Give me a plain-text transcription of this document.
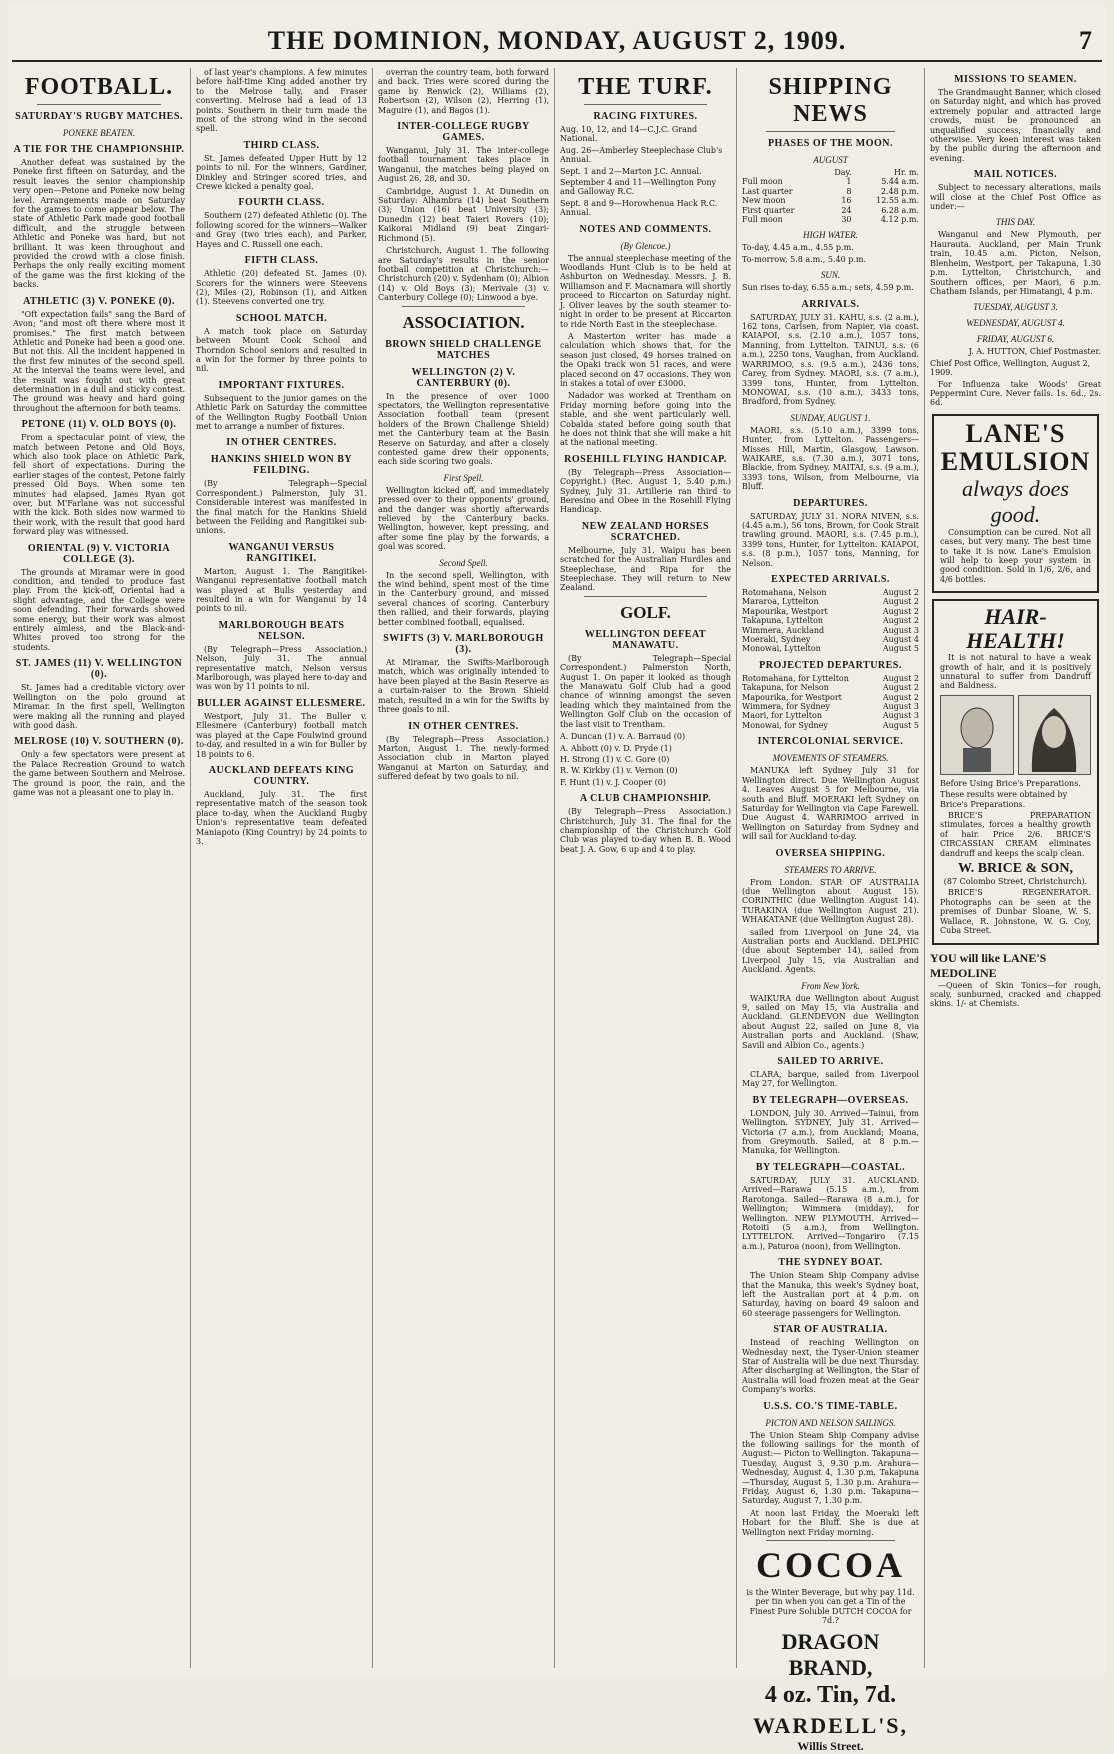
THE DOMINION, MONDAY, AUGUST 2, 1909.	7
FOOTBALL.
SATURDAY'S RUGBY MATCHES.
PONEKE BEATEN.
A TIE FOR THE CHAMPIONSHIP.

Another defeat was sustained by the Poneke first fifteen on Saturday, and the result leaves the senior championship very open—Petone and Poneke now being level. Arrangements made on Saturday for the games to come appear below. The state of Athletic Park made good football difficult, and the struggle between Athletic and Poneke was hard, but not brilliant. It was keen throughout and provided the crowd with a close finish. Perhaps the only really exciting moment of the game was the first kicking of the backs.

ATHLETIC (3) V. PONEKE (0).

"Oft expectation fails" sang the Bard of Avon; "and most oft there where most it promises." The first match between Athletic and Poneke had been a good one. But not this. All the incident happened in the first few minutes of the second spell. At the interval the teams were level, and the result was fought out with great determination in a dull and sticky contest. The ground was heavy and hard going throughout the afternoon for both teams.

PETONE (11) V. OLD BOYS (0).

From a spectacular point of view, the match between Petone and Old Boys, which also took place on Athletic Park, fell short of expectations. During the earlier stages of the contest, Petone fairly pressed Old Boys. When some ten minutes had elapsed, James Ryan got over, but M'Farlane was not successful with the kick. Both sides now warmed to their work, with the result that good hard forward play was witnessed.

ORIENTAL (9) V. VICTORIA COLLEGE (3).

The grounds at Miramar were in good condition, and tended to produce fast play. From the kick-off, Oriental had a slight advantage, and the College were soon defending. Their forwards showed some energy, but their work was almost entirely aimless, and the Black-and-Whites proved too strong for the students.

ST. JAMES (11) V. WELLINGTON (0).

St. James had a creditable victory over Wellington on the polo ground at Miramar. In the first spell, Wellington were making all the running and played with good dash.

MELROSE (10) V. SOUTHERN (0).

Only a few spectators were present at the Palace Recreation Ground to watch the game between Southern and Melrose. The ground is poor, the rain, and the game was not a pleasant one to play in.

of last year's champions. A few minutes before half-time King added another try to the Melrose tally, and Fraser converting. Melrose had a lead of 13 points. Southern in their turn made the most of the strong wind in the second spell.

THIRD CLASS.

St. James defeated Upper Hutt by 12 points to nil. For the winners, Gardiner, Dinkley and Stringer scored tries, and Crewe kicked a penalty goal.

FOURTH CLASS.

Southern (27) defeated Athletic (0). The following scored for the winners—Walker and Gray (two tries each), and Parker, Hayes and C. Russell one each.

FIFTH CLASS.

Athletic (20) defeated St. James (0). Scorers for the winners were Steevens (2), Miles (2), Robinson (1), and Aitken (1). Steevens converted one try.

SCHOOL MATCH.

A match took place on Saturday between Mount Cook School and Thorndon School seniors and resulted in a win for the former by three points to nil.

IMPORTANT FIXTURES.

Subsequent to the junior games on the Athletic Park on Saturday the committee of the Wellington Rugby Football Union met to arrange a number of fixtures.

IN OTHER CENTRES.
HANKINS SHIELD WON BY FEILDING.

(By Telegraph—Special Correspondent.) Palmerston, July 31. Considerable interest was manifested in the final match for the Hankins Shield between the Feilding and Rangitikei sub-unions.

WANGANUI VERSUS RANGITIKEI.

Marton, August 1. The Rangitikei-Wanganui representative football match was played at Bulls yesterday and resulted in a win for Wanganui by 14 points to nil.

MARLBOROUGH BEATS NELSON.

(By Telegraph—Press Association.) Nelson, July 31. The annual representative match, Nelson versus Marlborough, was played here to-day and was won by 11 points to nil.

BULLER AGAINST ELLESMERE.

Westport, July 31. The Buller v. Ellesmere (Canterbury) football match was played at the Cape Foulwind ground to-day, and resulted in a win for Buller by 18 points to 6.

AUCKLAND DEFEATS KING COUNTRY.

Auckland, July 31. The first representative match of the season took place to-day, when the Auckland Rugby Union's representative team defeated Maniapoto (King Country) by 24 points to 3.

overran the country team, both forward and back. Tries were scored during the game by Renwick (2), Williams (2), Robertson (2), Wilson (2), Herring (1), Maguire (1), and Bagos (1).

INTER-COLLEGE RUGBY GAMES.

Wanganui, July 31. The inter-college football tournament takes place in Wanganui, the matches being played on August 26, 28, and 30.

Cambridge, August 1. At Dunedin on Saturday: Alhambra (14) beat Southern (3); Union (16) beat University (3); Dunedin (12) beat Taieri Rovers (10); Kaikorai Midland (9) beat Zingari-Richmond (5).

Christchurch, August 1. The following are Saturday's results in the senior football competition at Christchurch:—Christchurch (20) v. Sydenham (0); Albion (14) v. Old Boys (3); Merivale (3) v. Canterbury College (0); Linwood a bye.

ASSOCIATION.
BROWN SHIELD CHALLENGE MATCHES
WELLINGTON (2) V. CANTERBURY (0).

In the presence of over 1000 spectators, the Wellington representative Association football team (present holders of the Brown Challenge Shield) met the Canterbury team at the Basin Reserve on Saturday, and after a closely contested game drew their opponents, each side scoring two goals.

First Spell.

Wellington kicked off, and immediately pressed over to their opponents' ground, and the danger was shortly afterwards relieved by the Canterbury backs. Wellington, however, kept pressing, and after some fine play by the forwards, a goal was scored.

Second Spell.

In the second spell, Wellington, with the wind behind, spent most of the time in the Canterbury ground, and missed several chances of scoring. Canterbury then rallied, and their forwards, playing better combined football, equalised.

SWIFTS (3) V. MARLBOROUGH (3).

At Miramar, the Swifts-Marlborough match, which was originally intended to have been played at the Basin Reserve as a curtain-raiser to the Brown Shield match, resulted in a win for the Swifts by three goals to nil.

IN OTHER CENTRES.

(By Telegraph—Press Association.) Marton, August 1. The newly-formed Association club in Marton played Wanganui at Marton on Saturday, and suffered defeat by two goals to nil.

THE TURF.
RACING FIXTURES.
Aug. 10, 12, and 14—C.J.C. Grand National.
Aug. 26—Amberley Steeplechase Club's Annual.
Sept. 1 and 2—Marton J.C. Annual.
September 4 and 11—Wellington Pony and Galloway R.C.
Sept. 8 and 9—Horowhenua Hack R.C. Annual.
NOTES AND COMMENTS.
(By Glencoe.)

The annual steeplechase meeting of the Woodlands Hunt Club is to be held at Ashburton on Wednesday. Messrs. J. B. Williamson and F. Macnamara will shortly proceed to Riccarton on Saturday night. J. Oliver leaves by the south steamer to-night in order to be present at Riccarton to ride North East in the steeplechase.

A Masterton writer has made a calculation which shows that, for the season just closed, 49 horses trained on the Opaki track won 51 races, and were placed second on 47 occasions. They won in stakes a total of over £3000.

Nadador was worked at Trentham on Friday morning before going into the stable, and she went particularly well. Cobalda stated before going south that he does not think that she will make a hit at the national meeting.

ROSEHILL FLYING HANDICAP.

(By Telegraph—Press Association—Copyright.) (Rec. August 1, 5.40 p.m.) Sydney, July 31. Artillerie ran third to Beresino and Obee in the Rosehill Flying Handicap.

NEW ZEALAND HORSES SCRATCHED.

Melbourne, July 31. Waipu has been scratched for the Australian Hurdles and Steeplechase, and Ripa for the Steeplechase. They will return to New Zealand.

GOLF.
WELLINGTON DEFEAT MANAWATU.

(By Telegraph—Special Correspondent.) Palmerston North, August 1. On paper it looked as though the Manawatu Golf Club had a good chance of winning amongst the seven leading which they maintained from the Wellington Golf Club on the occasion of the last visit to Trentham.

A. Duncan (1) v. A. Barraud (0)
A. Abbott (0) v. D. Pryde (1)
H. Strong (1) v. C. Gore (0)
R. W. Kirkby (1) v. Vernon (0)
F. Hunt (1) v. J. Cooper (0)
A CLUB CHAMPIONSHIP.

(By Telegraph—Press Association.) Christchurch, July 31. The final for the championship of the Christchurch Golf Club was played to-day when B. B. Wood beat J. A. Gow, 6 up and 4 to play.

SHIPPING NEWS
PHASES OF THE MOON.
AUGUST
	Day.	Hr. m.
Full moon	1	5.44 a.m.
Last quarter	8	2.48 p.m.
New moon	16	12.55 a.m.
First quarter	24	6.28 a.m.
Full moon	30	4.12 p.m.
HIGH WATER.
To-day, 4.45 a.m., 4.55 p.m.
To-morrow, 5.8 a.m., 5.40 p.m.
SUN.
Sun rises to-day, 6.55 a.m.; sets, 4.59 p.m.
ARRIVALS.

SATURDAY, JULY 31. KAHU, s.s. (2 a.m.), 162 tons, Carlsen, from Napier, via coast. KAIAPOI, s.s. (2.10 a.m.), 1057 tons, Manning, from Lyttelton. TAINUI, s.s. (6 a.m.), 2250 tons, Vaughan, from Auckland. WARRIMOO, s.s. (9.5 a.m.), 2436 tons, Carey, from Sydney. MAORI, s.s. (7 a.m.), 3399 tons, Hunter, from Lyttelton. MONOWAI, s.s. (10 a.m.), 3433 tons, Bradford, from Sydney.

SUNDAY, AUGUST 1.

MAORI, s.s. (5.10 a.m.), 3399 tons, Hunter, from Lyttelton. Passengers—Misses Hill, Martin, Glasgow, Lawson. WAIKARE, s.s. (7.30 a.m.), 3071 tons, Blackie, from Sydney. MAITAI, s.s. (9 a.m.), 3393 tons, Wilson, from Melbourne, via Bluff.

DEPARTURES.

SATURDAY, JULY 31. NORA NIVEN, s.s. (4.45 a.m.), 56 tons, Brown, for Cook Strait trawling ground. MAORI, s.s. (7.45 p.m.), 3399 tons, Hunter, for Lyttelton. KAIAPOI, s.s. (8 p.m.), 1057 tons, Manning, for Nelson.

EXPECTED ARRIVALS.
Rotomahana, Nelson	August 2
Mararoa, Lyttelton	August 2
Mapourika, Westport	August 2
Takapuna, Lyttelton	August 2
Wimmera, Auckland	August 3
Moeraki, Sydney	August 4
Monowai, Lyttelton	August 5
PROJECTED DEPARTURES.
Rotomahana, for Lyttelton	August 2
Takapuna, for Nelson	August 2
Mapourika, for Westport	August 2
Wimmera, for Sydney	August 3
Maori, for Lyttelton	August 3
Monowai, for Sydney	August 5
INTERCOLONIAL SERVICE.
MOVEMENTS OF STEAMERS.

MANUKA left Sydney July 31 for Wellington direct. Due Wellington August 4. Leaves August 5 for Melbourne, via south and Bluff. MOERAKI left Sydney on Saturday for Wellington via Cape Farewell. Due August 4. WARRIMOO arrived in Wellington on Saturday from Sydney and will sail for Auckland to-day.

OVERSEA SHIPPING.
STEAMERS TO ARRIVE.

From London. STAR OF AUSTRALIA (due Wellington about August 15). CORINTHIC (due Wellington August 14). TURAKINA (due Wellington August 21). WHAKATANE (due Wellington August 28).

sailed from Liverpool on June 24, via Australian ports and Auckland. DELPHIC (due about September 14), sailed from Liverpool July 15, via Australian and Auckland. Agents.

From New York.

WAIKURA due Wellington about August 9, sailed on May 15, via Australia and Auckland. GLENDEVON due Wellington about August 22, sailed on June 8, via Australian ports and Auckland. (Shaw, Savill and Albion Co., agents.)

SAILED TO ARRIVE.

CLARA, barque, sailed from Liverpool May 27, for Wellington.

BY TELEGRAPH—OVERSEAS.

LONDON, July 30. Arrived—Tainui, from Wellington. SYDNEY, July 31. Arrived—Victoria (7 a.m.), from Auckland; Moana, from Greymouth. Sailed, at 8 p.m.—Manuka, for Wellington.

BY TELEGRAPH—COASTAL.

SATURDAY, JULY 31. AUCKLAND. Arrived—Rarawa (5.15 a.m.), from Rarotonga. Sailed—Rarawa (8 a.m.), for Wellington; Wimmera (midday), for Wellington. NEW PLYMOUTH. Arrived—Rotoiti (5 a.m.), from Wellington. LYTTELTON. Arrived—Tongariro (7.15 a.m.), Paturoa (noon), from Wellington.

THE SYDNEY BOAT.

The Union Steam Ship Company advise that the Manuka, this week's Sydney boat, left the Australian port at 4 p.m. on Saturday, having on board 49 saloon and 60 steerage passengers for Wellington.

STAR OF AUSTRALIA.

Instead of reaching Wellington on Wednesday next, the Tyser-Union steamer Star of Australia will be due next Thursday. After discharging at Wellington, the Star of Australia will load frozen meat at the Gear Company's works.

U.S.S. CO.'S TIME-TABLE.
PICTON AND NELSON SAILINGS.

The Union Steam Ship Company advise the following sailings for the month of August:— Picton to Wellington. Takapuna—Tuesday, August 3, 9.30 p.m. Arahura—Wednesday, August 4, 1.30 p.m. Takapuna—Thursday, August 5, 1.30 p.m. Arahura—Friday, August 6, 1.30 p.m. Takapuna—Saturday, August 7, 1.30 p.m.

At noon last Friday, the Moeraki left Hobart for the Bluff. She is due at Wellington next Friday morning.

COCOA

is the Winter Beverage, but why pay 11d. per tin when you can get a Tin of the Finest Pure Soluble DUTCH COCOA for 7d.?

DRAGON BRAND,
4 oz. Tin, 7d.
WARDELL'S,
Willis Street.
MISSIONS TO SEAMEN.

The Grandmaught Banner, which closed on Saturday night, and which has proved extremely popular and attracted large crowds, must be pronounced an unqualified success, financially and otherwise. Very keen interest was taken by the public during the afternoon and evening.

MAIL NOTICES.

Subject to necessary alterations, mails will close at the Chief Post Office as under:—

THIS DAY.

Wanganui and New Plymouth, per Haurauta. Auckland, per Main Trunk train, 10.45 a.m. Picton, Nelson, Blenheim, Westport, per Takapuna, 1.30 p.m. Lyttelton, Christchurch, and Southern offices, per Maori, 6 p.m. Chatham Islands, per Himatangi, 4 p.m.

TUESDAY, AUGUST 3.
WEDNESDAY, AUGUST 4.
FRIDAY, AUGUST 6.
J. A. HUTTON, Chief Postmaster.
Chief Post Office, Wellington, August 2, 1909.

For Influenza take Woods' Great Peppermint Cure. Never fails. 1s. 6d., 2s. 6d.

LANE'S EMULSION
always does good.

Consumption can be cured. Not all cases, but very many. The best time to take it is now. Lane's Emulsion will help to keep your system in good condition. Sold in 1/6, 2/6, and 4/6 bottles.

HAIR-HEALTH!

It is not natural to have a weak growth of hair, and it is positively unnatural to suffer from Dandruff and Baldness.

Before Using Brice's Preparations.
These results were obtained by Brice's Preparations.

BRICE'S PREPARATION stimulates, forces a healthy growth of hair. Price 2/6. BRICE'S CIRCASSIAN CREAM eliminates dandruff and keeps the scalp clean.

W. BRICE & SON,
(87 Colombo Street, Christchurch).

BRICE'S REGENERATOR. Photographs can be seen at the premises of Dunbar Sloane, W. S. Wallace, R. Johnstone, W. G. Coy, Cuba Street.

YOU will like LANE'S MEDOLINE

—Queen of Skin Tonics—for rough, scaly, sunburned, cracked and chapped skins. 1/- at Chemists.
